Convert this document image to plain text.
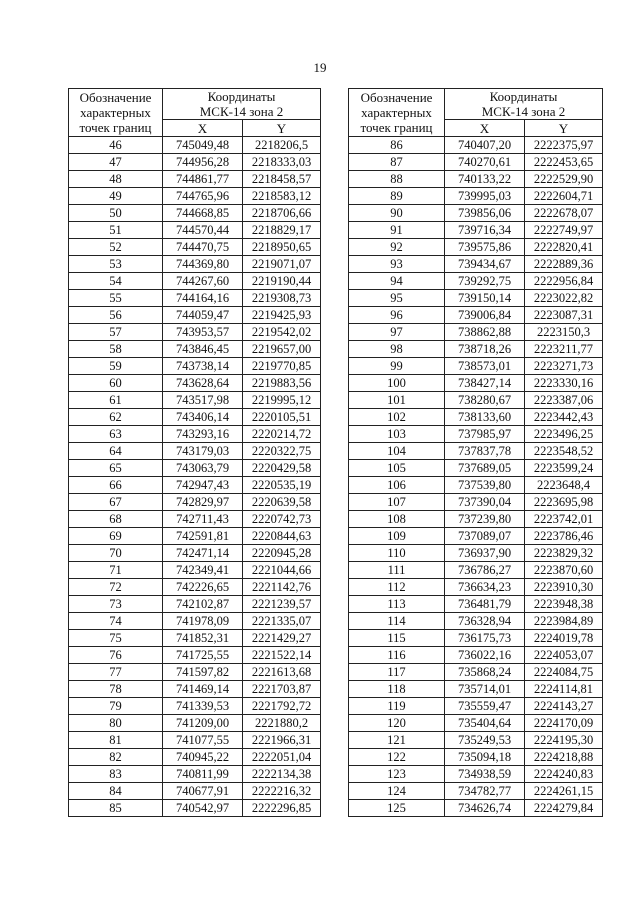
19
Обозначение
характерных
точек границ	Координаты
МСК-14 зона 2	
	X	Y
46	745049,48	2218206,5
47	744956,28	2218333,03
48	744861,77	2218458,57
49	744765,96	2218583,12
50	744668,85	2218706,66
51	744570,44	2218829,17
52	744470,75	2218950,65
53	744369,80	2219071,07
54	744267,60	2219190,44
55	744164,16	2219308,73
56	744059,47	2219425,93
57	743953,57	2219542,02
58	743846,45	2219657,00
59	743738,14	2219770,85
60	743628,64	2219883,56
61	743517,98	2219995,12
62	743406,14	2220105,51
63	743293,16	2220214,72
64	743179,03	2220322,75
65	743063,79	2220429,58
66	742947,43	2220535,19
67	742829,97	2220639,58
68	742711,43	2220742,73
69	742591,81	2220844,63
70	742471,14	2220945,28
71	742349,41	2221044,66
72	742226,65	2221142,76
73	742102,87	2221239,57
74	741978,09	2221335,07
75	741852,31	2221429,27
76	741725,55	2221522,14
77	741597,82	2221613,68
78	741469,14	2221703,87
79	741339,53	2221792,72
80	741209,00	2221880,2
81	741077,55	2221966,31
82	740945,22	2222051,04
83	740811,99	2222134,38
84	740677,91	2222216,32
85	740542,97	2222296,85
Обозначение
характерных
точек границ	Координаты
МСК-14 зона 2	
	X	Y
86	740407,20	2222375,97
87	740270,61	2222453,65
88	740133,22	2222529,90
89	739995,03	2222604,71
90	739856,06	2222678,07
91	739716,34	2222749,97
92	739575,86	2222820,41
93	739434,67	2222889,36
94	739292,75	2222956,84
95	739150,14	2223022,82
96	739006,84	2223087,31
97	738862,88	2223150,3
98	738718,26	2223211,77
99	738573,01	2223271,73
100	738427,14	2223330,16
101	738280,67	2223387,06
102	738133,60	2223442,43
103	737985,97	2223496,25
104	737837,78	2223548,52
105	737689,05	2223599,24
106	737539,80	2223648,4
107	737390,04	2223695,98
108	737239,80	2223742,01
109	737089,07	2223786,46
110	736937,90	2223829,32
111	736786,27	2223870,60
112	736634,23	2223910,30
113	736481,79	2223948,38
114	736328,94	2223984,89
115	736175,73	2224019,78
116	736022,16	2224053,07
117	735868,24	2224084,75
118	735714,01	2224114,81
119	735559,47	2224143,27
120	735404,64	2224170,09
121	735249,53	2224195,30
122	735094,18	2224218,88
123	734938,59	2224240,83
124	734782,77	2224261,15
125	734626,74	2224279,84
